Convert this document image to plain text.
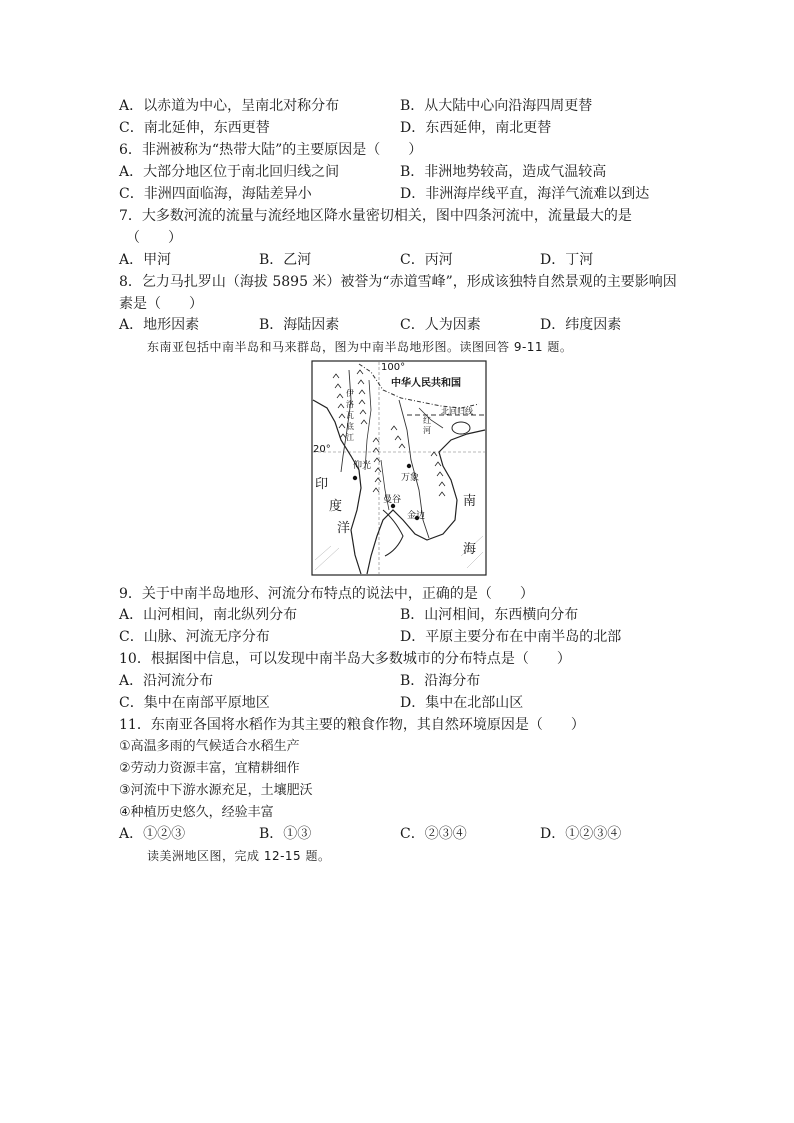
A．以赤道为中心，呈南北对称分布	B．从大陆中心向沿海四周更替
C．南北延伸，东西更替	D．东西延伸，南北更替
6．非洲被称为“热带大陆”的主要原因是（　　）
A．大部分地区位于南北回归线之间	B．非洲地势较高，造成气温较高
C．非洲四面临海，海陆差异小	D．非洲海岸线平直，海洋气流难以到达
7．大多数河流的流量与流经地区降水量密切相关，图中四条河流中，流量最大的是
（　　）
A．甲河	B．乙河	C．丙河	D．丁河
8．乞力马扎罗山（海拔 5895 米）被誉为“赤道雪峰”，形成该独特自然景观的主要影响因
素是（　　）
A．地形因素	B．海陆因素	C．人为因素	D．纬度因素
东南亚包括中南半岛和马来群岛，图为中南半岛地形图。读图回答 9-11 题。
100°
中华人民共和国
北回归线
20°
伊
洛
瓦
底
江
红
河
仰光
万象
曼谷
金边
印
度
洋
南
海
9．关于中南半岛地形、河流分布特点的说法中，正确的是（　　）
A．山河相间，南北纵列分布	B．山河相间，东西横向分布
C．山脉、河流无序分布	D．平原主要分布在中南半岛的北部
10．根据图中信息，可以发现中南半岛大多数城市的分布特点是（　　）
A．沿河流分布	B．沿海分布
C．集中在南部平原地区	D．集中在北部山区
11．东南亚各国将水稻作为其主要的粮食作物，其自然环境原因是（　　）
①高温多雨的气候适合水稻生产
②劳动力资源丰富，宜精耕细作
③河流中下游水源充足，土壤肥沃
④种植历史悠久，经验丰富
A．①②③	B．①③	C．②③④	D．①②③④
读美洲地区图，完成 12-15 题。
